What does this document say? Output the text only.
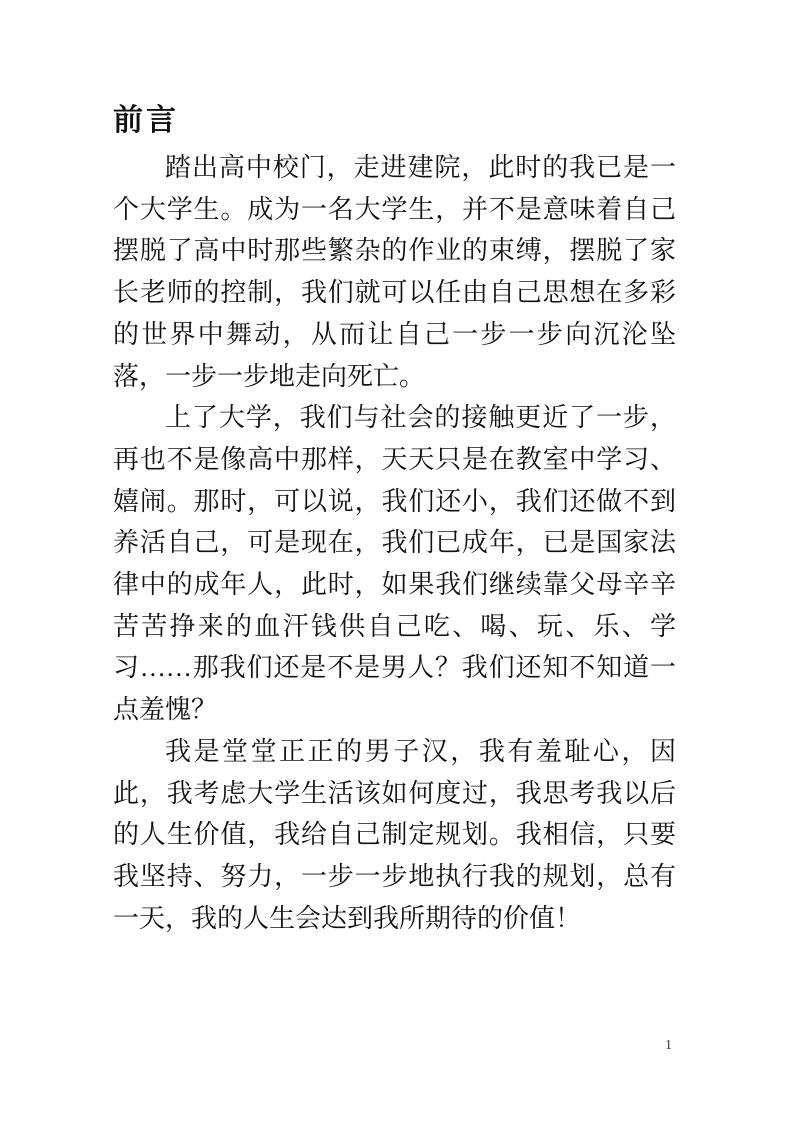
前言

踏出高中校门，走进建院，此时的我已是一个大学生。成为一名大学生，并不是意味着自己摆脱了高中时那些繁杂的作业的束缚，摆脱了家长老师的控制，我们就可以任由自己思想在多彩的世界中舞动，从而让自己一步一步向沉沦坠落，一步一步地走向死亡。

上了大学，我们与社会的接触更近了一步，再也不是像高中那样，天天只是在教室中学习、嬉闹。那时，可以说，我们还小，我们还做不到养活自己，可是现在，我们已成年，已是国家法律中的成年人，此时，如果我们继续靠父母辛辛苦苦挣来的血汗钱供自己吃、喝、玩、乐、学习……那我们还是不是男人？我们还知不知道一点羞愧？

我是堂堂正正的男子汉，我有羞耻心，因此，我考虑大学生活该如何度过，我思考我以后的人生价值，我给自己制定规划。我相信，只要我坚持、努力，一步一步地执行我的规划，总有一天，我的人生会达到我所期待的价值！

1
